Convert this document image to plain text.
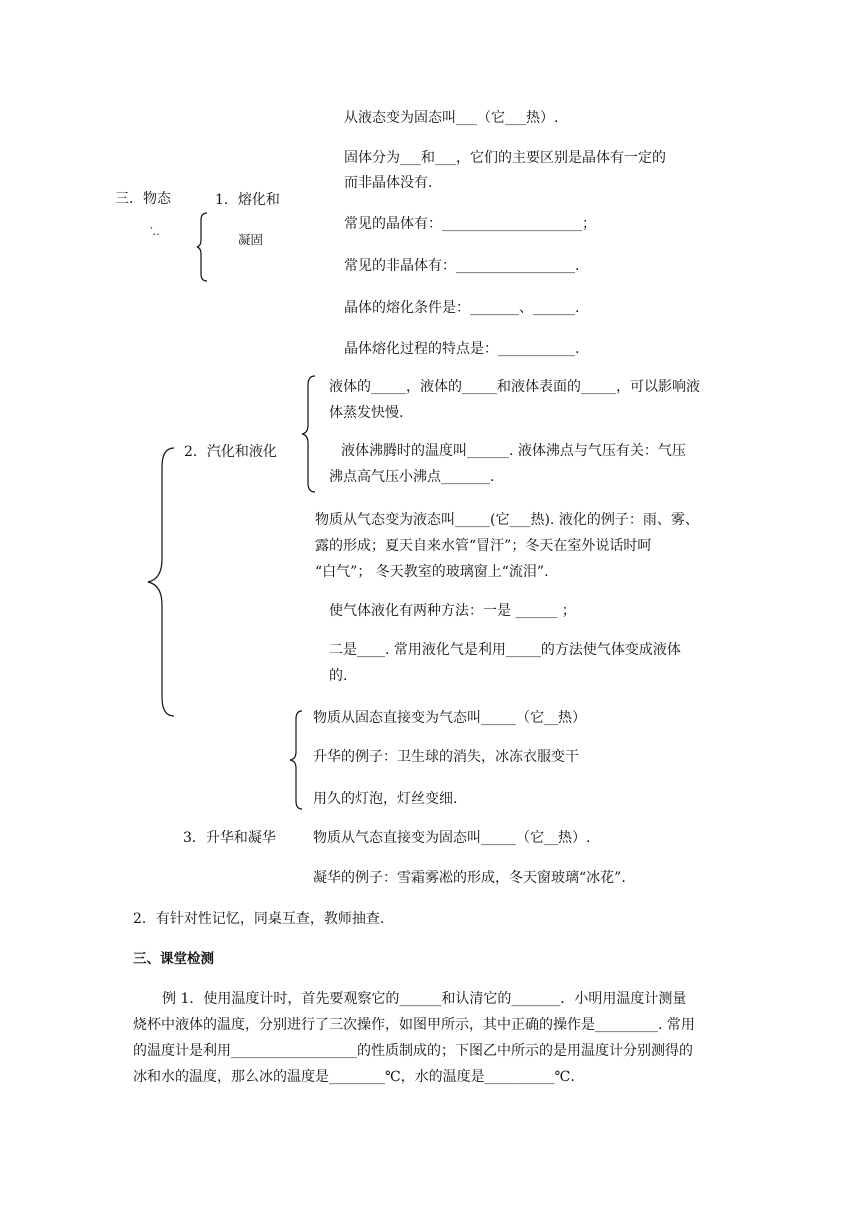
三．物态
‵‥
1．熔化和
凝固
从液态变为固态叫___（它___热）.
固体分为___和___，它们的主要区别是晶体有一定的
而非晶体没有.
常见的晶体有：____________________；
常见的非晶体有：_________________.
晶体的熔化条件是：_______、______.
晶体熔化过程的特点是：___________.
2．汽化和液化
液体的_____，液体的_____和液体表面的_____，可以影响液
体蒸发快慢.
液体沸腾时的温度叫______. 液体沸点与气压有关：气压
沸点高气压小沸点_______.
物质从气态变为液态叫_____(它___热). 液化的例子：雨、雾、
露的形成；夏天自来水管“冒汗”；冬天在室外说话时呵
“白气”； 冬天教室的玻璃窗上“流泪”.
使气体液化有两种方法：一是 ______ ；
二是____. 常用液化气是利用_____的方法使气体变成液体
的.
物质从固态直接变为气态叫_____（它__热）
升华的例子：卫生球的消失，冰冻衣服变干
用久的灯泡，灯丝变细.
3．升华和凝华	物质从气态直接变为固态叫_____（它__热）.
凝华的例子：雪霜雾凇的形成，冬天窗玻璃“冰花”.
2．有针对性记忆，同桌互查，教师抽查.
三、课堂检测
例 1．使用温度计时，首先要观察它的______和认清它的_______．小明用温度计测量
烧杯中液体的温度，分别进行了三次操作，如图甲所示，其中正确的操作是_________. 常用
的温度计是利用__________________的性质制成的；下图乙中所示的是用温度计分别测得的
冰和水的温度，那么冰的温度是________℃，水的温度是__________℃.
